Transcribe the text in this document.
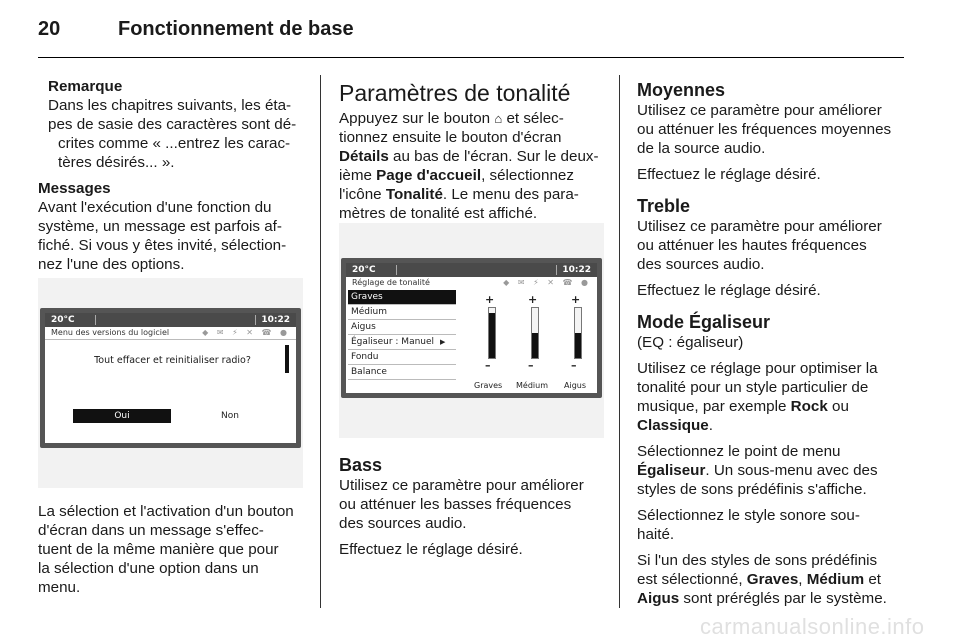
20	Fonctionnement de base

Remarque

Dans les chapitres suivants, les éta-

pes de sasie des caractères sont dé-

crites comme « ...entrez les carac-

tères désirés... ».

Messages

Avant l'exécution d'une fonction du

système, un message est parfois af-

fiché. Si vous y êtes invité, sélection-

nez l'une des options.

20°C	10:22
Menu des versions du logiciel	◆ ✉ ⚡ ✕ ☎ ●
Tout effacer et reinitialiser radio?
Oui	Non

La sélection et l'activation d'un bouton

d'écran dans un message s'effec-

tuent de la même manière que pour

la sélection d'une option dans un

menu.

Paramètres de tonalité

Appuyez sur le bouton ⌂ et sélec-

tionnez ensuite le bouton d'écran

Détails au bas de l'écran. Sur le deux-

ième Page d'accueil, sélectionnez

l'icône Tonalité. Le menu des para-

mètres de tonalité est affiché.

20°C	10:22
Réglage de tonalité	◆ ✉ ⚡ ✕ ☎ ●
Graves
Médium
Aigus
Égaliseur : Manuel ▶
Fondu
Balance
+
–
+
–
+
–
Graves Médium Aigus
Bass

Utilisez ce paramètre pour améliorer

ou atténuer les basses fréquences

des sources audio.

Effectuez le réglage désiré.

Moyennes

Utilisez ce paramètre pour améliorer

ou atténuer les fréquences moyennes

de la source audio.

Effectuez le réglage désiré.

Treble

Utilisez ce paramètre pour améliorer

ou atténuer les hautes fréquences

des sources audio.

Effectuez le réglage désiré.

Mode Égaliseur

(EQ : égaliseur)

Utilisez ce réglage pour optimiser la

tonalité pour un style particulier de

musique, par exemple Rock ou

Classique.

Sélectionnez le point de menu

Égaliseur. Un sous-menu avec des

styles de sons prédéfinis s'affiche.

Sélectionnez le style sonore sou-

haité.

Si l'un des styles de sons prédéfinis

est sélectionné, Graves, Médium et

Aigus sont préréglés par le système.

carmanualsonline.info
